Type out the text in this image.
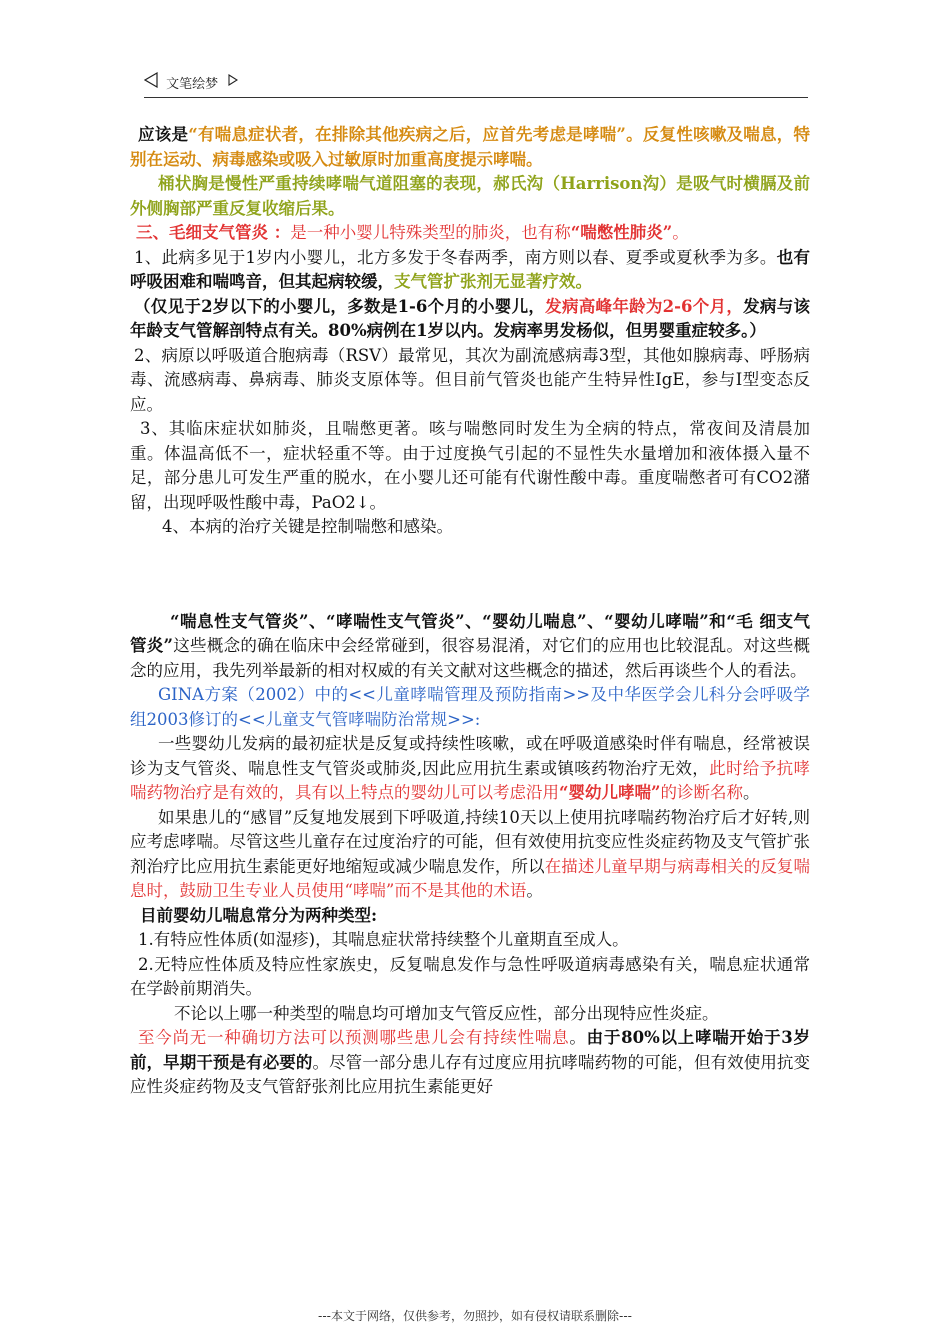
文笔绘梦

应该是“有喘息症状者，在排除其他疾病之后，应首先考虑是哮喘”。反复性咳嗽及喘息，特别在运动、病毒感染或吸入过敏原时加重高度提示哮喘。

桶状胸是慢性严重持续哮喘气道阻塞的表现，郝氏沟（Harrison沟）是吸气时横膈及前外侧胸部严重反复收缩后果。

三、毛细支气管炎 ：是一种小婴儿特殊类型的肺炎，也有称“喘憋性肺炎”。

1、此病多见于1岁内小婴儿，北方多发于冬春两季，南方则以春、夏季或夏秋季为多。也有呼吸困难和喘鸣音，但其起病较缓，支气管扩张剂无显著疗效。

（仅见于2岁以下的小婴儿，多数是1-6个月的小婴儿，发病高峰年龄为2-6个月，发病与该年龄支气管解剖特点有关。80%病例在1岁以内。发病率男发杨似，但男婴重症较多。）

2、病原以呼吸道合胞病毒（RSV）最常见，其次为副流感病毒3型，其他如腺病毒、呼肠病毒、流感病毒、鼻病毒、肺炎支原体等。但目前气管炎也能产生特异性IgE，参与Ⅰ型变态反应。

3、其临床症状如肺炎，且喘憋更著。咳与喘憋同时发生为全病的特点，常夜间及清晨加重。体温高低不一，症状轻重不等。由于过度换气引起的不显性失水量增加和液体摄入量不足，部分患儿可发生严重的脱水，在小婴儿还可能有代谢性酸中毒。重度喘憋者可有CO2潴留，出现呼吸性酸中毒，PaO2↓。

4、本病的治疗关键是控制喘憋和感染。

“喘息性支气管炎”、“哮喘性支气管炎”、“婴幼儿喘息”、“婴幼儿哮喘”和“毛 细支气 管炎”这些概念的确在临床中会经常碰到，很容易混淆，对它们的应用也比较混乱。对这些概念的应用，我先列举最新的相对权威的有关文献对这些概念的描述，然后再谈些个人的看法。

GINA方案（2002）中的<<儿童哮喘管理及预防指南>>及中华医学会儿科分会呼吸学组2003修订的<<儿童支气管哮喘防治常规>>:

一些婴幼儿发病的最初症状是反复或持续性咳嗽，或在呼吸道感染时伴有喘息，经常被误诊为支气管炎、喘息性支气管炎或肺炎,因此应用抗生素或镇咳药物治疗无效，此时给予抗哮喘药物治疗是有效的，具有以上特点的婴幼儿可以考虑沿用“婴幼儿哮喘”的诊断名称。

如果患儿的“感冒”反复地发展到下呼吸道,持续10天以上使用抗哮喘药物治疗后才好转,则应考虑哮喘。尽管这些儿童存在过度治疗的可能，但有效使用抗变应性炎症药物及支气管扩张剂治疗比应用抗生素能更好地缩短或减少喘息发作，所以在描述儿童早期与病毒相关的反复喘息时，鼓励卫生专业人员使用“哮喘”而不是其他的术语。

目前婴幼儿喘息常分为两种类型:

1.有特应性体质(如湿疹)，其喘息症状常持续整个儿童期直至成人。

2.无特应性体质及特应性家族史，反复喘息发作与急性呼吸道病毒感染有关，喘息症状通常在学龄前期消失。

不论以上哪一种类型的喘息均可增加支气管反应性，部分出现特应性炎症。

至今尚无一种确切方法可以预测哪些患儿会有持续性喘息。由于80%以上哮喘开始于3岁前，早期干预是有必要的。尽管一部分患儿存有过度应用抗哮喘药物的可能，但有效使用抗变应性炎症药物及支气管舒张剂比应用抗生素能更好

---本文于网络，仅供参考，勿照抄，如有侵权请联系删除---
